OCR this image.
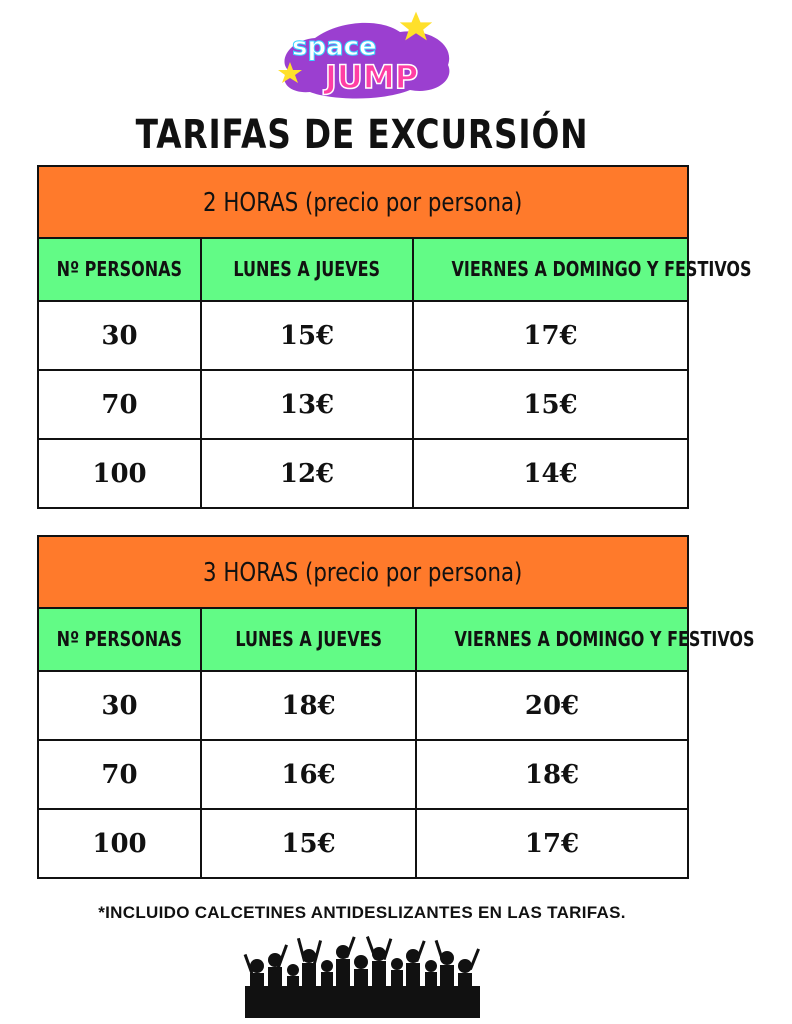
space
JUMP
TARIFAS DE EXCURSIÓN
2 HORAS (precio por persona)		
Nº PERSONAS	LUNES A JUEVES	VIERNES A DOMINGO Y FESTIVOS
30	15€	17€
70	13€	15€
100	12€	14€
3 HORAS (precio por persona)		
Nº PERSONAS	LUNES A JUEVES	VIERNES A DOMINGO Y FESTIVOS
30	18€	20€
70	16€	18€
100	15€	17€
*INCLUIDO CALCETINES ANTIDESLIZANTES EN LAS TARIFAS.
